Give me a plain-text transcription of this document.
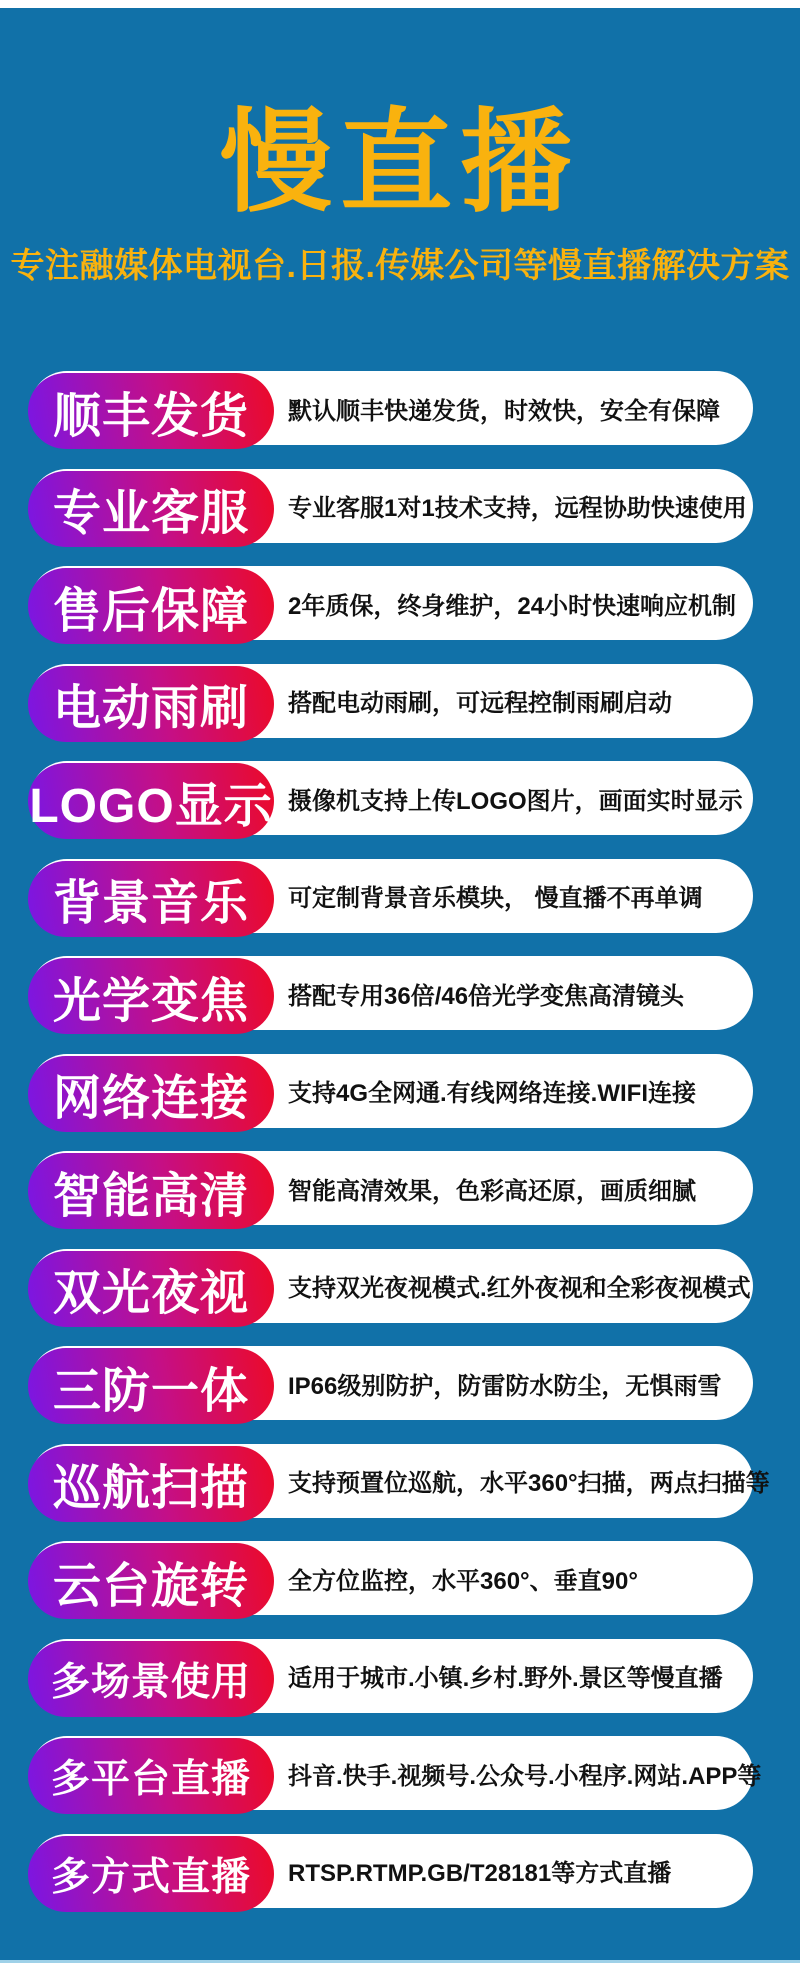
慢直播
专注融媒体电视台.日报.传媒公司等慢直播解决方案
顺丰发货 默认顺丰快递发货，时效快，安全有保障
专业客服 专业客服1对1技术支持，远程协助快速使用
售后保障 2年质保，终身维护，24小时快速响应机制
电动雨刷 搭配电动雨刷，可远程控制雨刷启动
LOGO显示 摄像机支持上传LOGO图片，画面实时显示
背景音乐 可定制背景音乐模块， 慢直播不再单调
光学变焦 搭配专用36倍/46倍光学变焦高清镜头
网络连接 支持4G全网通.有线网络连接.WIFI连接
智能高清 智能高清效果，色彩高还原，画质细腻
双光夜视 支持双光夜视模式.红外夜视和全彩夜视模式
三防一体 IP66级别防护，防雷防水防尘，无惧雨雪
巡航扫描 支持预置位巡航，水平360°扫描，两点扫描等
云台旋转 全方位监控，水平360°、垂直90°
多场景使用 适用于城市.小镇.乡村.野外.景区等慢直播
多平台直播 抖音.快手.视频号.公众号.小程序.网站.APP等
多方式直播 RTSP.RTMP.GB/T28181等方式直播
